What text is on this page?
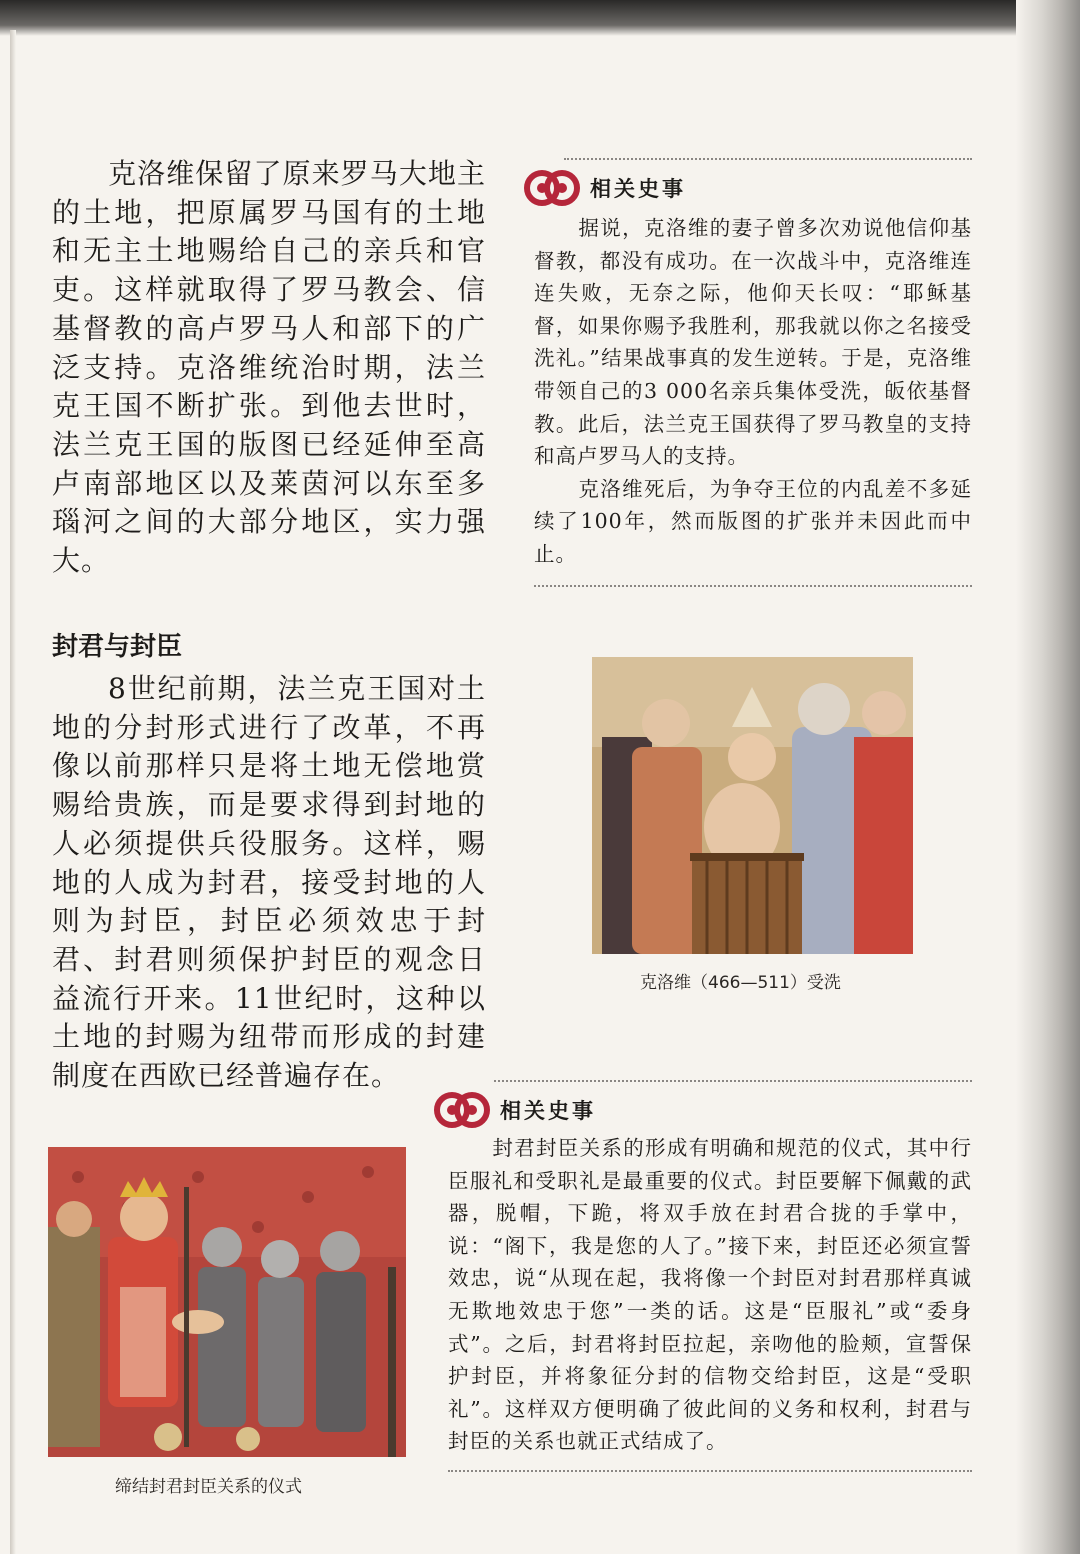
克洛维保留了原来罗马大地主的土地，把原属罗马国有的土地和无主土地赐给自己的亲兵和官吏。这样就取得了罗马教会、信基督教的高卢罗马人和部下的广泛支持。克洛维统治时期，法兰克王国不断扩张。到他去世时，法兰克王国的版图已经延伸至高卢南部地区以及莱茵河以东至多瑙河之间的大部分地区，实力强大。

封君与封臣

8世纪前期，法兰克王国对土地的分封形式进行了改革，不再像以前那样只是将土地无偿地赏赐给贵族，而是要求得到封地的人必须提供兵役服务。这样，赐地的人成为封君，接受封地的人则为封臣，封臣必须效忠于封君、封君则须保护封臣的观念日益流行开来。11世纪时，这种以土地的封赐为纽带而形成的封建制度在西欧已经普遍存在。

缔结封君封臣关系的仪式
相关史事

据说，克洛维的妻子曾多次劝说他信仰基督教，都没有成功。在一次战斗中，克洛维连连失败，无奈之际，他仰天长叹：“耶稣基督，如果你赐予我胜利，那我就以你之名接受洗礼。”结果战事真的发生逆转。于是，克洛维带领自己的3 000名亲兵集体受洗，皈依基督教。此后，法兰克王国获得了罗马教皇的支持和高卢罗马人的支持。

克洛维死后，为争夺王位的内乱差不多延续了100年，然而版图的扩张并未因此而中止。

克洛维（466—511）受洗
相关史事

封君封臣关系的形成有明确和规范的仪式，其中行臣服礼和受职礼是最重要的仪式。封臣要解下佩戴的武器，脱帽，下跪，将双手放在封君合拢的手掌中，说：“阁下，我是您的人了。”接下来，封臣还必须宣誓效忠，说“从现在起，我将像一个封臣对封君那样真诚无欺地效忠于您”一类的话。这是“臣服礼”或“委身式”。之后，封君将封臣拉起，亲吻他的脸颊，宣誓保护封臣，并将象征分封的信物交给封臣，这是“受职礼”。这样双方便明确了彼此间的义务和权利，封君与封臣的关系也就正式结成了。
